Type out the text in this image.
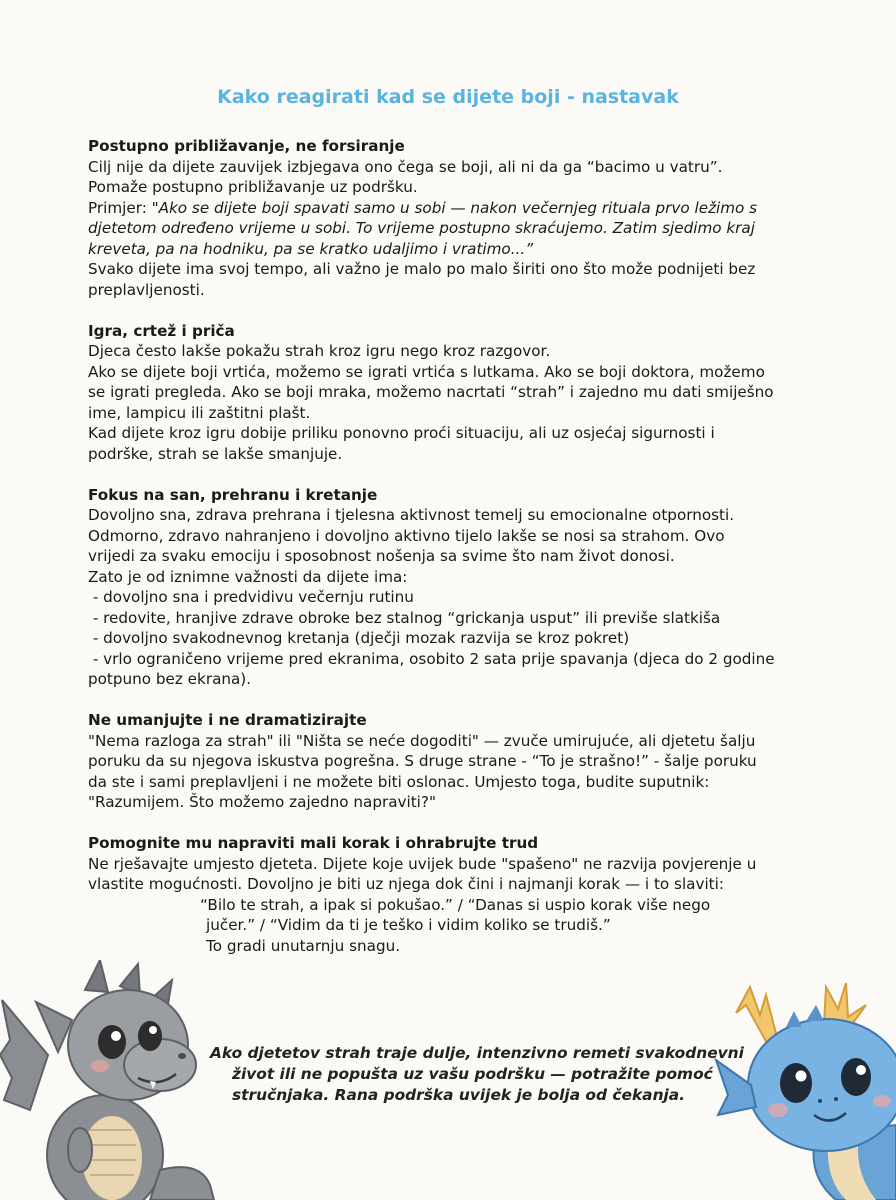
Kako reagirati kad se dijete boji - nastavak
Postupno približavanje, ne forsiranje
Cilj nije da dijete zauvijek izbjegava ono čega se boji, ali ni da ga “bacimo u vatru”.
Pomaže postupno približavanje uz podršku.
Primjer: "Ako se dijete boji spavati samo u sobi — nakon večernjeg rituala prvo ležimo s
djetetom određeno vrijeme u sobi. To vrijeme postupno skraćujemo. Zatim sjedimo kraj
kreveta, pa na hodniku, pa se kratko udaljimo i vratimo...”
Svako dijete ima svoj tempo, ali važno je malo po malo širiti ono što može podnijeti bez
preplavljenosti.
Igra, crtež i priča
Djeca često lakše pokažu strah kroz igru nego kroz razgovor.
Ako se dijete boji vrtića, možemo se igrati vrtića s lutkama. Ako se boji doktora, možemo
se igrati pregleda. Ako se boji mraka, možemo nacrtati “strah” i zajedno mu dati smiješno
ime, lampicu ili zaštitni plašt.
Kad dijete kroz igru dobije priliku ponovno proći situaciju, ali uz osjećaj sigurnosti i
podrške, strah se lakše smanjuje.
Fokus na san, prehranu i kretanje
Dovoljno sna, zdrava prehrana i tjelesna aktivnost temelj su emocionalne otpornosti.
Odmorno, zdravo nahranjeno i dovoljno aktivno tijelo lakše se nosi sa strahom. Ovo
vrijedi za svaku emociju i sposobnost nošenja sa svime što nam život donosi.
Zato je od iznimne važnosti da dijete ima:
- dovoljno sna i predvidivu večernju rutinu
- redovite, hranjive zdrave obroke bez stalnog “grickanja usput” ili previše slatkiša
- dovoljno svakodnevnog kretanja (dječji mozak razvija se kroz pokret)
- vrlo ograničeno vrijeme pred ekranima, osobito 2 sata prije spavanja (djeca do 2 godine
potpuno bez ekrana).
Ne umanjujte i ne dramatizirajte
"Nema razloga za strah" ili "Ništa se neće dogoditi" — zvuče umirujuće, ali djetetu šalju
poruku da su njegova iskustva pogrešna. S druge strane - “To je strašno!” - šalje poruku
da ste i sami preplavljeni i ne možete biti oslonac. Umjesto toga, budite suputnik:
"Razumijem. Što možemo zajedno napraviti?"
Pomognite mu napraviti mali korak i ohrabrujte trud
Ne rješavajte umjesto djeteta. Dijete koje uvijek bude "spašeno" ne razvija povjerenje u
vlastite mogućnosti. Dovoljno je biti uz njega dok čini i najmanji korak — i to slaviti:
“Bilo te strah, a ipak si pokušao.” / “Danas si uspio korak više nego
jučer.” / “Vidim da ti je teško i vidim koliko se trudiš.”
To gradi unutarnju snagu.
Ako djetetov strah traje dulje, intenzivno remeti svakodnevni
život ili ne popušta uz vašu podršku — potražite pomoć
stručnjaka. Rana podrška uvijek je bolja od čekanja.
